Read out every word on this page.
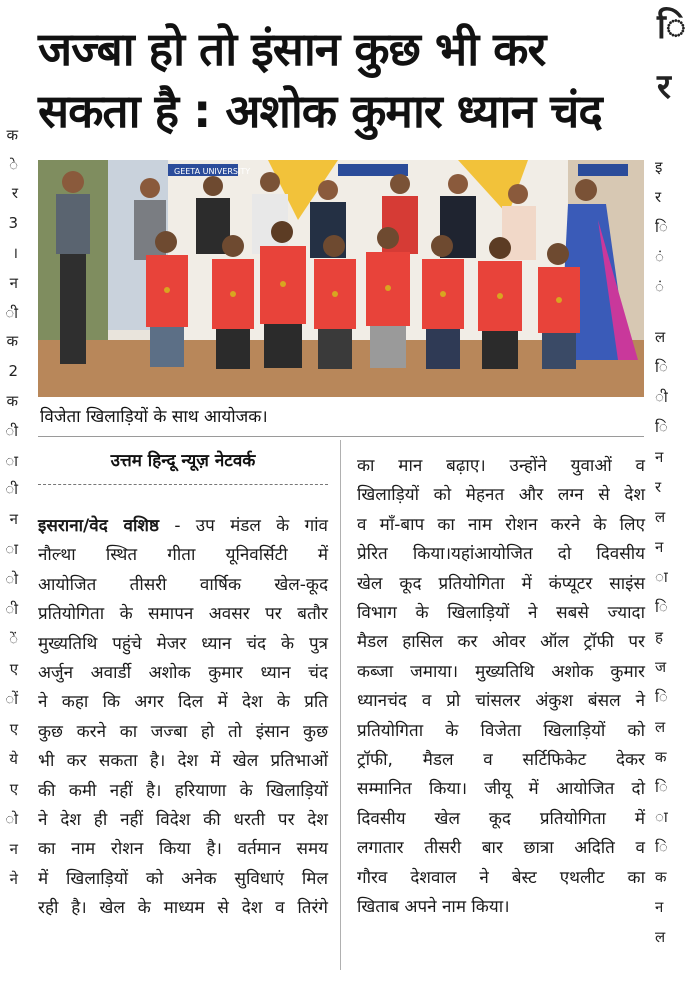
क
े
र
3
।
न
ी
क
2
क
ी
ा
ी
न
ा
ो
ी
ें
ए
ों
ए
ये
ए
ो
न
ने
ि
र
इ
र
ि
ं
ं
ल
ि
ी
ि
न
र
ल
न
ा
ि
ह
ज
ि
ल
क
ि
ा
ि
क
न
ल
जज्बा हो तो इंसान कुछ भी कर
सकता है : अशोक कुमार ध्यान चंद
GEETA UNIVERSITY
विजेता खिलाड़ियों के साथ आयोजक।
उत्तम हिन्दू न्यूज़ नेटवर्क
इसराना/वेद वशिष्ठ - उप मंडल के गांव
नौल्था स्थित गीता यूनिवर्सिटी में
आयोजित तीसरी वार्षिक खेल-कूद
प्रतियोगिता के समापन अवसर पर बतौर
मुख्यतिथि पहुंचे मेजर ध्यान चंद के पुत्र
अर्जुन अवार्डी अशोक कुमार ध्यान चंद
ने कहा कि अगर दिल में देश के प्रति
कुछ करने का जज्बा हो तो इंसान कुछ
भी कर सकता है। देश में खेल प्रतिभाओं
की कमी नहीं है। हरियाणा के खिलाड़ियों
ने देश ही नहीं विदेश की धरती पर देश
का नाम रोशन किया है। वर्तमान समय
में खिलाड़ियों को अनेक सुविधाएं मिल
रही है। खेल के माध्यम से देश व तिरंगे
का मान बढ़ाए। उन्होंने युवाओं व
खिलाड़ियों को मेहनत और लग्न से देश
व माँ-बाप का नाम रोशन करने के लिए
प्रेरित किया।यहांआयोजित दो दिवसीय
खेल कूद प्रतियोगिता में कंप्यूटर साइंस
विभाग के खिलाड़ियों ने सबसे ज्यादा
मैडल हासिल कर ओवर ऑल ट्रॉफी पर
कब्जा जमाया। मुख्यतिथि अशोक कुमार
ध्यानचंद व प्रो चांसलर अंकुश बंसल ने
प्रतियोगिता के विजेता खिलाड़ियों को
ट्रॉफी, मैडल व सर्टिफिकेट देकर
सम्मानित किया। जीयू में आयोजित दो
दिवसीय खेल कूद प्रतियोगिता में
लगातार तीसरी बार छात्रा अदिति व
गौरव देशवाल ने बेस्ट एथलीट का
खिताब अपने नाम किया।
